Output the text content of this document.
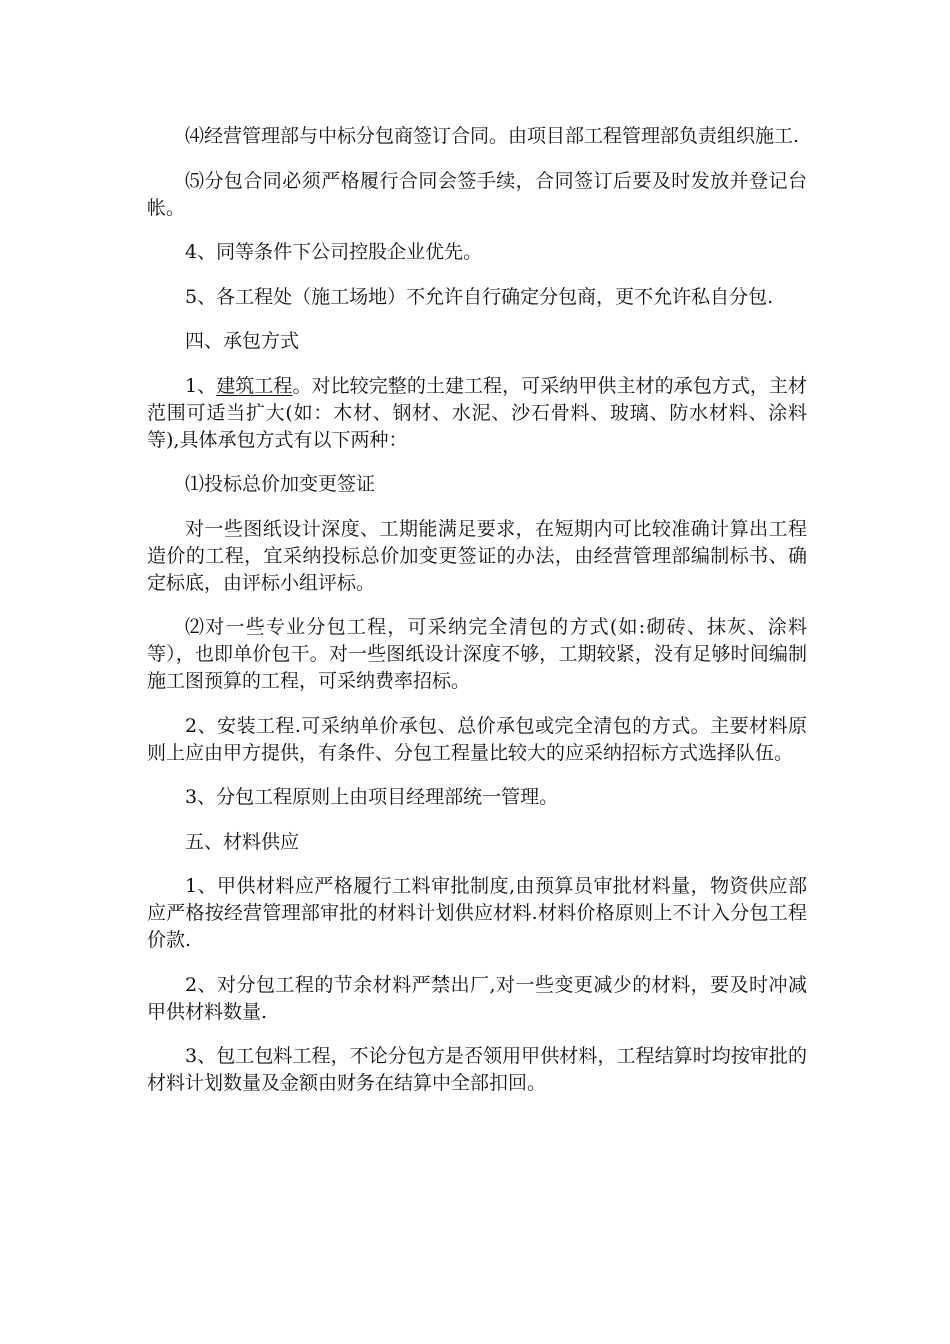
⑷经营管理部与中标分包商签订合同。由项目部工程管理部负责组织施工.

⑸分包合同必须严格履行合同会签手续，合同签订后要及时发放并登记台帐。

4、同等条件下公司控股企业优先。

5、各工程处（施工场地）不允许自行确定分包商，更不允许私自分包.

四、承包方式

1、建筑工程。对比较完整的土建工程，可采纳甲供主材的承包方式，主材范围可适当扩大(如：木材、钢材、水泥、沙石骨料、玻璃、防水材料、涂料等),具体承包方式有以下两种：

⑴投标总价加变更签证

对一些图纸设计深度、工期能满足要求，在短期内可比较准确计算出工程造价的工程，宜采纳投标总价加变更签证的办法，由经营管理部编制标书、确定标底，由评标小组评标。

⑵对一些专业分包工程，可采纳完全清包的方式(如:砌砖、抹灰、涂料等），也即单价包干。对一些图纸设计深度不够，工期较紧，没有足够时间编制施工图预算的工程，可采纳费率招标。

2、安装工程.可采纳单价承包、总价承包或完全清包的方式。主要材料原则上应由甲方提供，有条件、分包工程量比较大的应采纳招标方式选择队伍。

3、分包工程原则上由项目经理部统一管理。

五、材料供应

1、甲供材料应严格履行工料审批制度,由预算员审批材料量，物资供应部应严格按经营管理部审批的材料计划供应材料.材料价格原则上不计入分包工程价款.

2、对分包工程的节余材料严禁出厂,对一些变更减少的材料，要及时冲减甲供材料数量.

3、包工包料工程，不论分包方是否领用甲供材料，工程结算时均按审批的材料计划数量及金额由财务在结算中全部扣回。
